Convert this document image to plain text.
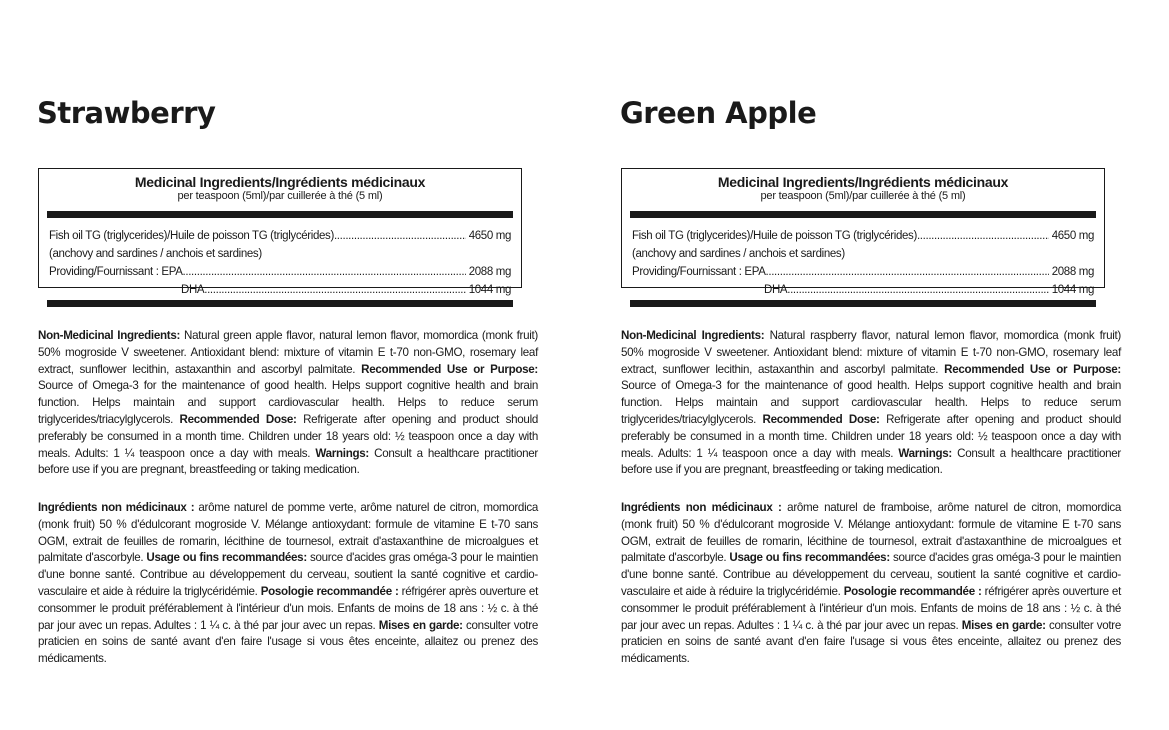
Strawberry
Medicinal Ingredients/Ingrédients médicinaux
per teaspoon (5ml)/par cuillerée à thé (5 ml)
Fish oil TG (triglycerides)/Huile de poisson TG (triglycérides) .....	4650 mg
(anchovy and sardines / anchois et sardines)
Providing/Fournissant : EPA .....	2088 mg
DHA .....	1044 mg

Non-Medicinal Ingredients: Natural green apple flavor, natural lemon flavor, momordica (monk fruit) 50% mogroside V sweetener. Antioxidant blend: mixture of vitamin E t-70 non-GMO, rosemary leaf extract, sunflower lecithin, astaxanthin and ascorbyl palmitate. Recommended Use or Purpose: Source of Omega-3 for the maintenance of good health. Helps support cognitive health and brain function. Helps maintain and support cardiovascular health. Helps to reduce serum triglycerides/triacylglycerols. Recommended Dose: Refrigerate after opening and product should preferably be consumed in a month time. Children under 18 years old: ½ teaspoon once a day with meals. Adults: 1 ¼ teaspoon once a day with meals. Warnings: Consult a healthcare practitioner before use if you are pregnant, breastfeeding or taking medication.

Ingrédients non médicinaux : arôme naturel de pomme verte, arôme naturel de citron, momordica (monk fruit) 50 % d'édulcorant mogroside V. Mélange antioxydant: formule de vitamine E t-70 sans OGM, extrait de feuilles de romarin, lécithine de tournesol, extrait d'astaxanthine de microalgues et palmitate d'ascorbyle. Usage ou fins recommandées: source d'acides gras oméga-3 pour le maintien d'une bonne santé. Contribue au développement du cerveau, soutient la santé cognitive et cardio-vasculaire et aide à réduire la triglycéridémie. Posologie recommandée : réfrigérer après ouverture et consommer le produit préférablement à l'intérieur d'un mois. Enfants de moins de 18 ans : ½ c. à thé par jour avec un repas. Adultes : 1 ¼ c. à thé par jour avec un repas. Mises en garde: consulter votre praticien en soins de santé avant d'en faire l'usage si vous êtes enceinte, allaitez ou prenez des médicaments.

Green Apple
Medicinal Ingredients/Ingrédients médicinaux
per teaspoon (5ml)/par cuillerée à thé (5 ml)
Fish oil TG (triglycerides)/Huile de poisson TG (triglycérides) .....	4650 mg
(anchovy and sardines / anchois et sardines)
Providing/Fournissant : EPA .....	2088 mg
DHA .....	1044 mg

Non-Medicinal Ingredients: Natural raspberry flavor, natural lemon flavor, momordica (monk fruit) 50% mogroside V sweetener. Antioxidant blend: mixture of vitamin E t-70 non-GMO, rosemary leaf extract, sunflower lecithin, astaxanthin and ascorbyl palmitate. Recommended Use or Purpose: Source of Omega-3 for the maintenance of good health. Helps support cognitive health and brain function. Helps maintain and support cardiovascular health. Helps to reduce serum triglycerides/triacylglycerols. Recommended Dose: Refrigerate after opening and product should preferably be consumed in a month time. Children under 18 years old: ½ teaspoon once a day with meals. Adults: 1 ¼ teaspoon once a day with meals. Warnings: Consult a healthcare practitioner before use if you are pregnant, breastfeeding or taking medication.

Ingrédients non médicinaux : arôme naturel de framboise, arôme naturel de citron, momordica (monk fruit) 50 % d'édulcorant mogroside V. Mélange antioxydant: formule de vitamine E t-70 sans OGM, extrait de feuilles de romarin, lécithine de tournesol, extrait d'astaxanthine de microalgues et palmitate d'ascorbyle. Usage ou fins recommandées: source d'acides gras oméga-3 pour le maintien d'une bonne santé. Contribue au développement du cerveau, soutient la santé cognitive et cardio-vasculaire et aide à réduire la triglycéridémie. Posologie recommandée : réfrigérer après ouverture et consommer le produit préférablement à l'intérieur d'un mois. Enfants de moins de 18 ans : ½ c. à thé par jour avec un repas. Adultes : 1 ¼ c. à thé par jour avec un repas. Mises en garde: consulter votre praticien en soins de santé avant d'en faire l'usage si vous êtes enceinte, allaitez ou prenez des médicaments.
